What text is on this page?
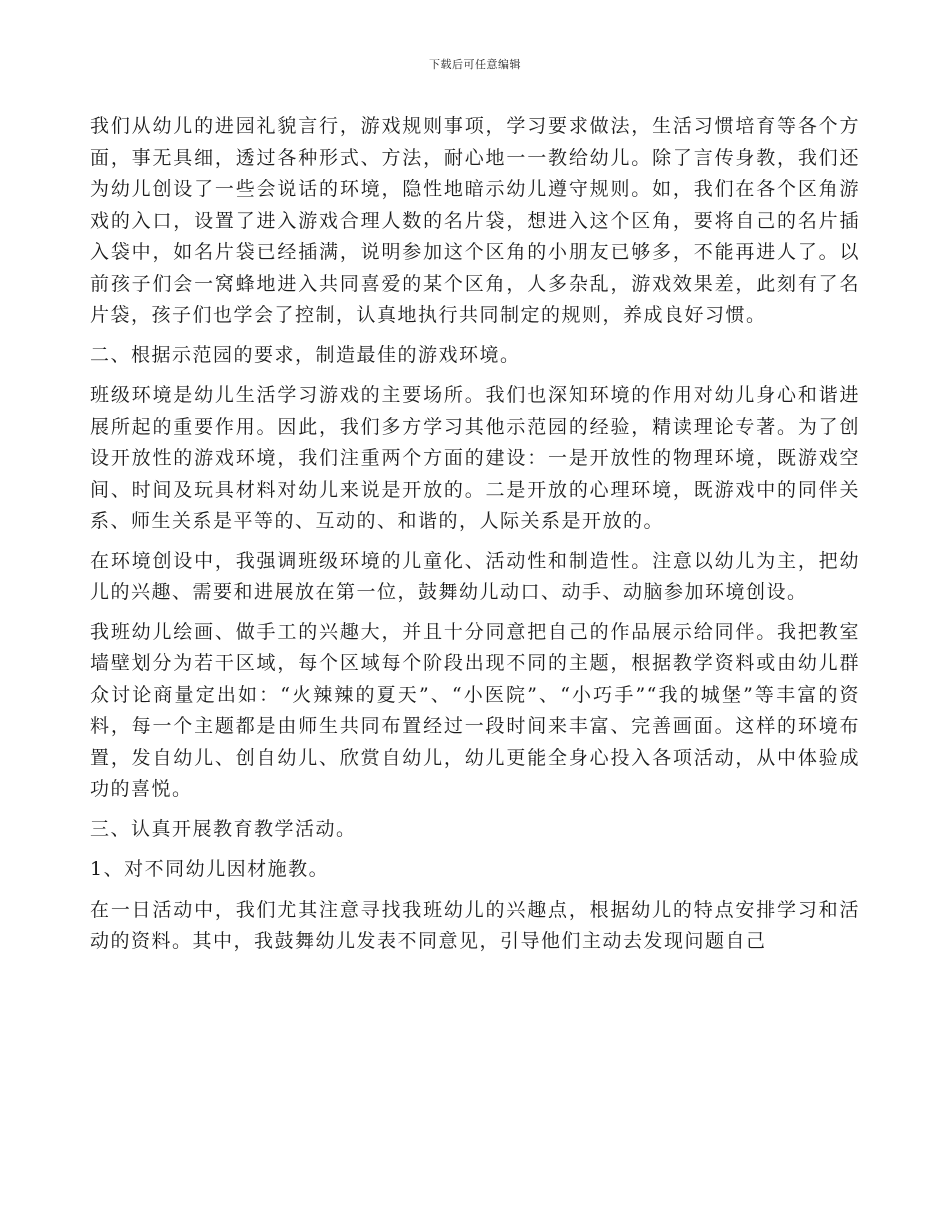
下载后可任意编辑

我们从幼儿的进园礼貌言行，游戏规则事项，学习要求做法，生活习惯培育等各个方面，事无具细，透过各种形式、方法，耐心地一一教给幼儿。除了言传身教，我们还为幼儿创设了一些会说话的环境，隐性地暗示幼儿遵守规则。如，我们在各个区角游戏的入口，设置了进入游戏合理人数的名片袋，想进入这个区角，要将自己的名片插入袋中，如名片袋已经插满，说明参加这个区角的小朋友已够多，不能再进人了。以前孩子们会一窝蜂地进入共同喜爱的某个区角，人多杂乱，游戏效果差，此刻有了名片袋，孩子们也学会了控制，认真地执行共同制定的规则，养成良好习惯。

二、根据示范园的要求，制造最佳的游戏环境。

班级环境是幼儿生活学习游戏的主要场所。我们也深知环境的作用对幼儿身心和谐进展所起的重要作用。因此，我们多方学习其他示范园的经验，精读理论专著。为了创设开放性的游戏环境，我们注重两个方面的建设：一是开放性的物理环境，既游戏空间、时间及玩具材料对幼儿来说是开放的。二是开放的心理环境，既游戏中的同伴关系、师生关系是平等的、互动的、和谐的，人际关系是开放的。

在环境创设中，我强调班级环境的儿童化、活动性和制造性。注意以幼儿为主，把幼儿的兴趣、需要和进展放在第一位，鼓舞幼儿动口、动手、动脑参加环境创设。

我班幼儿绘画、做手工的兴趣大，并且十分同意把自己的作品展示给同伴。我把教室墙壁划分为若干区域，每个区域每个阶段出现不同的主题，根据教学资料或由幼儿群众讨论商量定出如：“火辣辣的夏天”、“小医院”、“小巧手”“我的城堡”等丰富的资料，每一个主题都是由师生共同布置经过一段时间来丰富、完善画面。这样的环境布置，发自幼儿、创自幼儿、欣赏自幼儿，幼儿更能全身心投入各项活动，从中体验成功的喜悦。

三、认真开展教育教学活动。

1、对不同幼儿因材施教。

在一日活动中，我们尤其注意寻找我班幼儿的兴趣点，根据幼儿的特点安排学习和活动的资料。其中，我鼓舞幼儿发表不同意见，引导他们主动去发现问题自己
